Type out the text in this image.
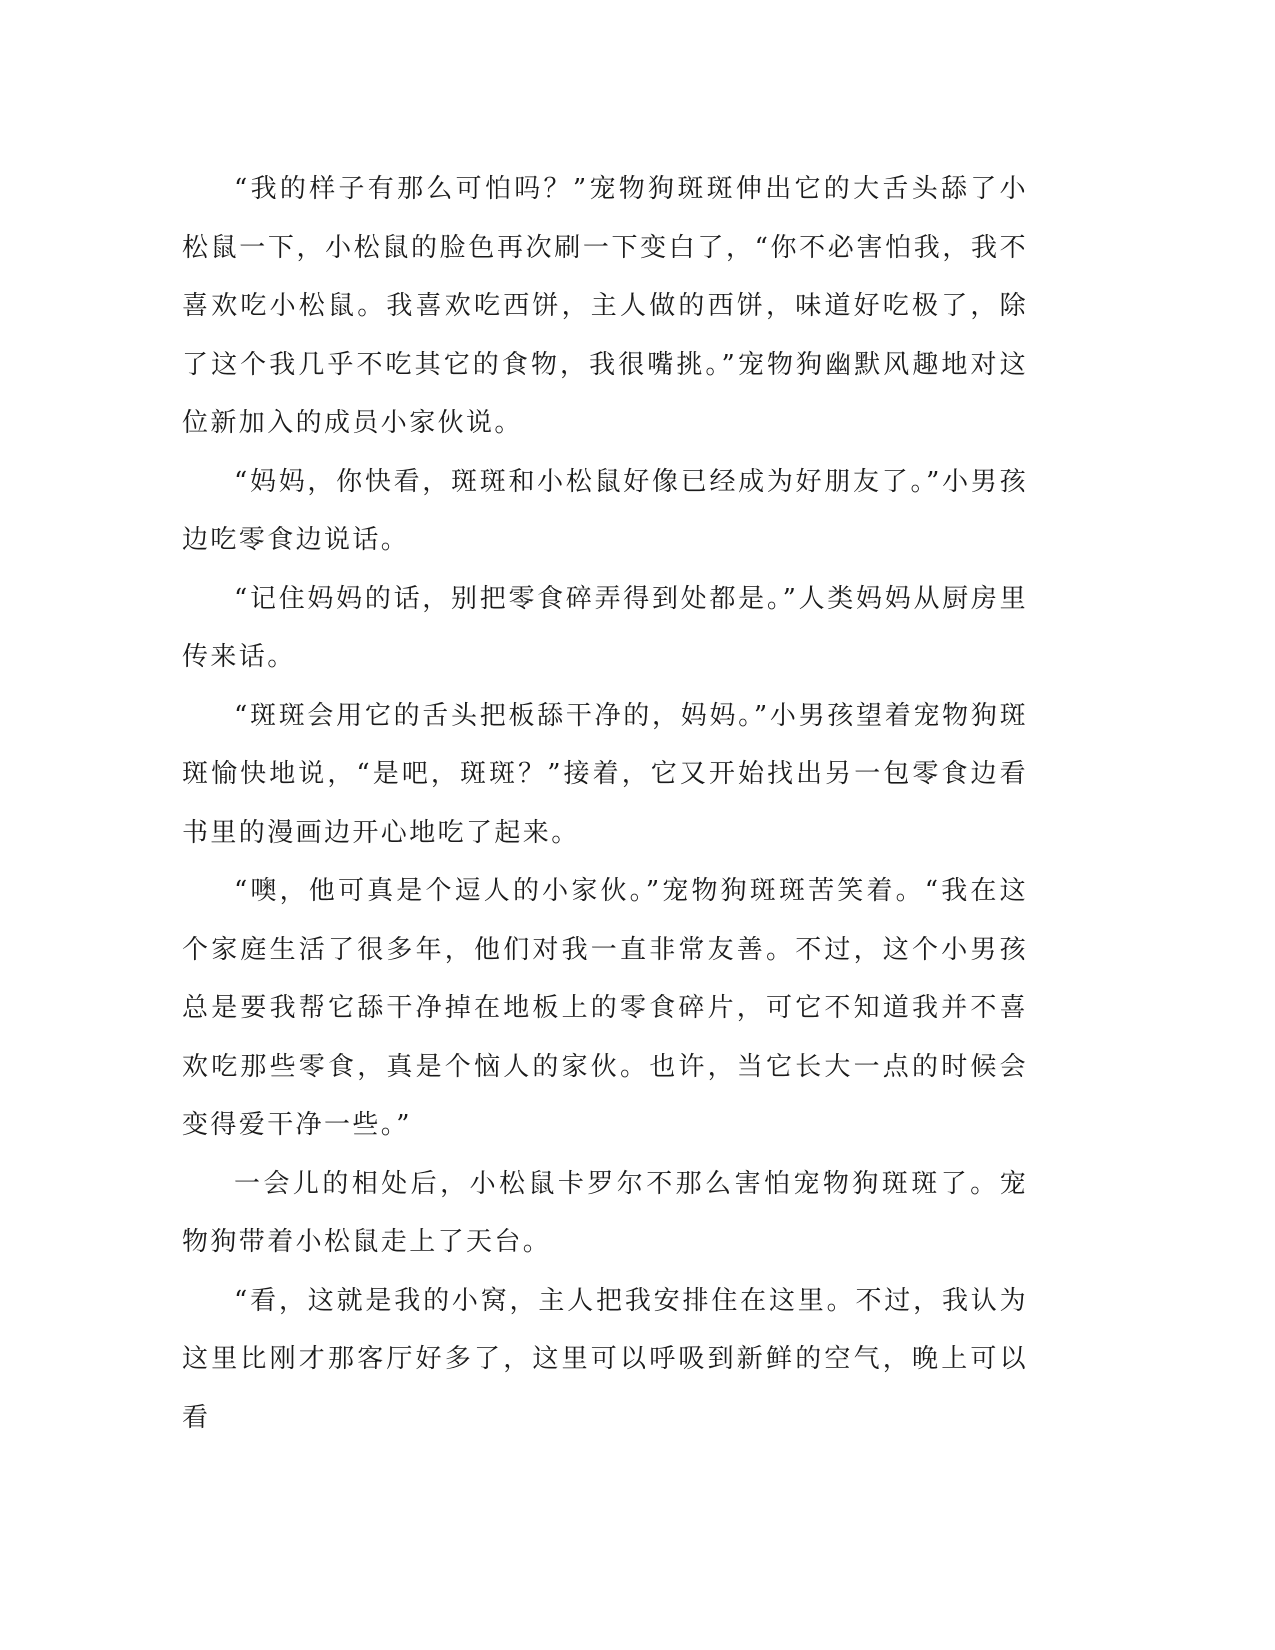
“我的样子有那么可怕吗？”宠物狗斑斑伸出它的大舌头舔了小松鼠一下，小松鼠的脸色再次刷一下变白了，“你不必害怕我，我不喜欢吃小松鼠。我喜欢吃西饼，主人做的西饼，味道好吃极了，除了这个我几乎不吃其它的食物，我很嘴挑。”宠物狗幽默风趣地对这位新加入的成员小家伙说。

“妈妈，你快看，斑斑和小松鼠好像已经成为好朋友了。”小男孩边吃零食边说话。

“记住妈妈的话，别把零食碎弄得到处都是。”人类妈妈从厨房里传来话。

“斑斑会用它的舌头把板舔干净的，妈妈。”小男孩望着宠物狗斑斑愉快地说，“是吧，斑斑？”接着，它又开始找出另一包零食边看书里的漫画边开心地吃了起来。

“噢，他可真是个逗人的小家伙。”宠物狗斑斑苦笑着。“我在这个家庭生活了很多年，他们对我一直非常友善。不过，这个小男孩总是要我帮它舔干净掉在地板上的零食碎片，可它不知道我并不喜欢吃那些零食，真是个恼人的家伙。也许，当它长大一点的时候会变得爱干净一些。”

一会儿的相处后，小松鼠卡罗尔不那么害怕宠物狗斑斑了。宠物狗带着小松鼠走上了天台。

“看，这就是我的小窝，主人把我安排住在这里。不过，我认为这里比刚才那客厅好多了，这里可以呼吸到新鲜的空气，晚上可以看
